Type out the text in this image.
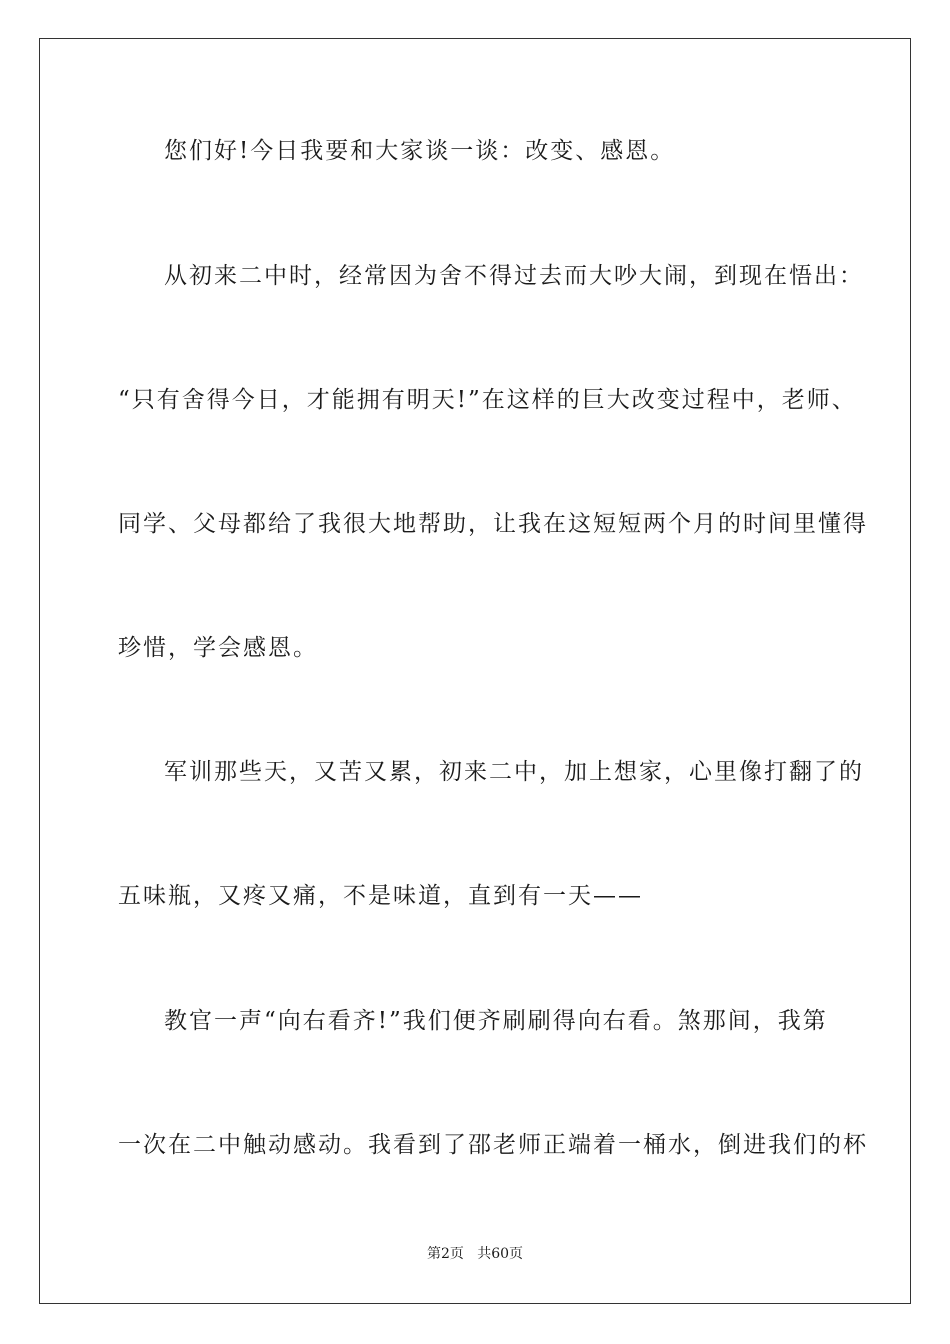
您们好!今日我要和大家谈一谈：改变、感恩。
从初来二中时，经常因为舍不得过去而大吵大闹，到现在悟出：
“只有舍得今日，才能拥有明天!”在这样的巨大改变过程中，老师、
同学、父母都给了我很大地帮助，让我在这短短两个月的时间里懂得
珍惜，学会感恩。
军训那些天，又苦又累，初来二中，加上想家，心里像打翻了的
五味瓶，又疼又痛，不是味道，直到有一天——
教官一声“向右看齐!”我们便齐刷刷得向右看。煞那间，我第
一次在二中触动感动。我看到了邵老师正端着一桶水，倒进我们的杯
第2页   共60页
